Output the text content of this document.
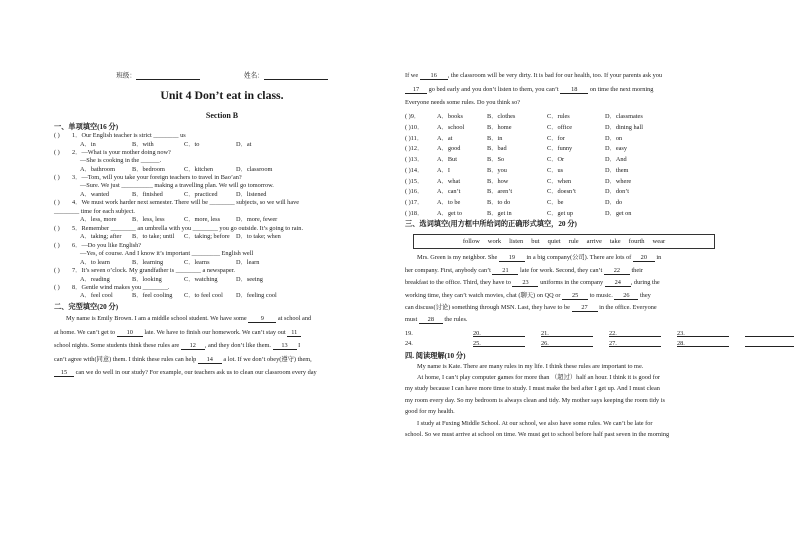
班级：	姓名：
Unit 4 Don’t eat in class.
Section B
一、单项填空(16 分)
( ) 1．Our English teacher is strict ________ us
A．in	B．with	C．to	D．at
( ) 2．—What is your mother doing now?
—She is cooking in the ______.
A．bathroom	B．bedroom	C．kitchen	D．classroom
( ) 3．—Tom, will you take your foreign teachers to travel in Bao’an?
—Sure. We just __________ making a travelling plan. We will go tomorrow.
A．wanted	B．finished	C．practiced	D．listened
( ) 4．We must work harder next semester. There will be ________ subjects, so we will have
________ time for each subject.
A．less, more	B．less, less	C．more, less	D．more, fewer
( ) 5．Remember ________ an umbrella with you ________ you go outside. It’s going to rain.
A．taking; after	B．to take; until	C．taking; before	D．to take; when
( ) 6．—Do you like English?
—Yes, of course. And I know it’s important _________ English well
A．to learn	B．learning	C．learns	D．learn
( ) 7．It’s seven o’clock. My grandfather is ________ a newspaper.
A．reading	B．looking	C．watching	D．seeing
( ) 8．Gentle wind makes you ________.
A．feel cool	B．feel cooling	C．to feel cool	D．feeling cool
二、完型填空(20 分)
My name is Emily Brown. I am a middle school student. We have some 9 at school and
at home. We can’t get to 10 late. We have to finish our homework. We can’t stay out 11
school nights. Some students think these rules are 12 , and they don’t like them. 13 I
can’t agree with(同意) them. I think these rules can help 14 a lot. If we don’t obey(遵守) them,
15 can we do well in our study? For example, our teachers ask us to clean our classroom every day
If we 16 , the classroom will be very dirty. It is bad for our health, too. If your parents ask you
17 go bed early and you don’t listen to them, you can’t 18 on time the next morning
Everyone needs some rules. Do you think so?
( )9．	A．books	B．clothes	C．rules	D．classmates
( )10．	A．school	B．home	C．office	D．dining hall
( )11．	A．at	B．in	C．for	D．on
( )12．	A．good	B．bad	C．funny	D．easy
( )13．	A．But	B．So	C．Or	D．And
( )14．	A．I	B．you	C．us	D．them
( )15．	A．what	B．how	C．when	D．where
( )16．	A．can’t	B．aren’t	C．doesn’t	D．don’t
( )17．	A．to be	B．to do	C．be	D．do
( )18．	A．get to	B．get in	C．get up	D．get on
三、选词填空(用方框中所给词的正确形式填空，20 分)
follow work listen but quiet rule arrive take fourth wear
Mrs. Green is my neighbor. She 19 in a big company(公司). There are lots of 20 in
her company. First, anybody can’t 21 late for work. Second, they can’t 22 their
breakfast to the office. Third, they have to 23 uniforms in the company 24 , during the
working time, they can’t watch movies, chat (聊天) on QQ or 25 to music. 26 they
can discuss(讨论) something through MSN. Last, they have to be 27 in the office. Everyone
must 28 the rules.
19.	20.	21.	22.	23.
24.	25.	26.	27.	28.
四. 阅读理解(10 分)
My name is Kate. There are many rules in my life. I think these rules are important to me.
At home, I can’t play computer games for more than （超过）half an hour. I think it is good for
my study because I can have more time to study. I must make the bed after I get up. And I must clean
my room every day. So my bedroom is always clean and tidy. My mother says keeping the room tidy is
good for my health.
I study at Fuxing Middle School. At our school, we also have some rules. We can’t be late for
school. So we must arrive at school on time. We must get to school before half past seven in the morning
